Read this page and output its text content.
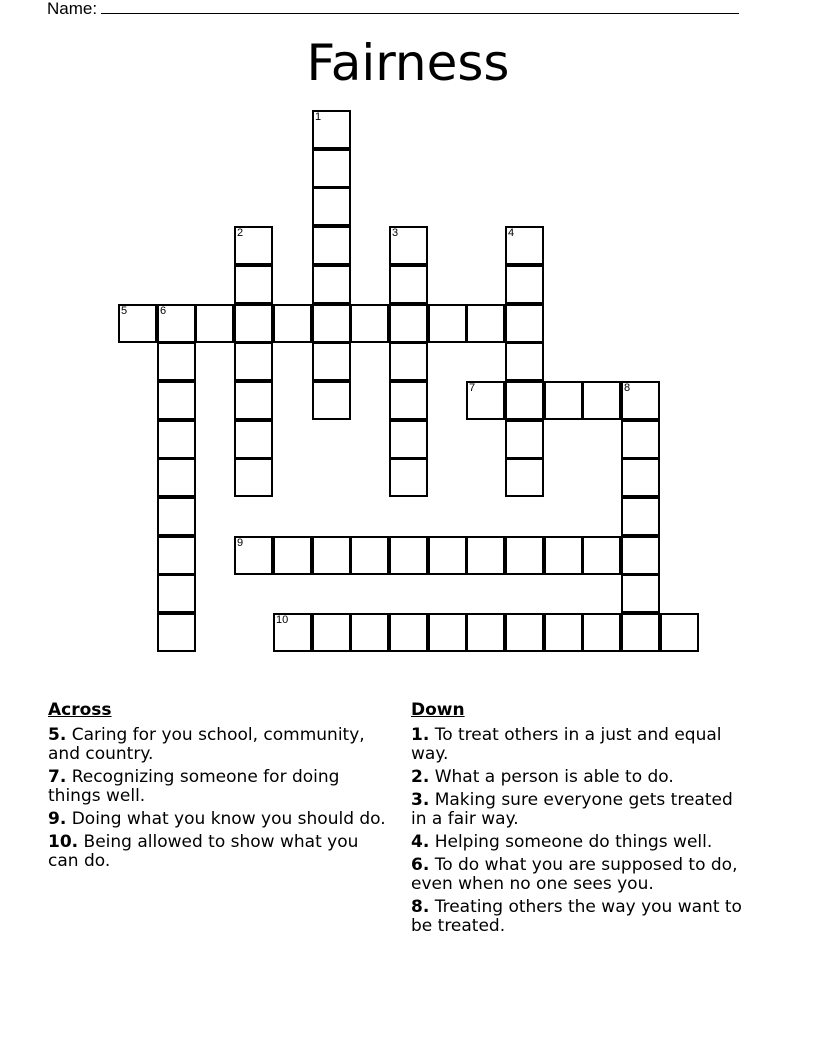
Name:
Fairness
1
2	3	4
5	6
7	8
9
10
Across
5. Caring for you school, community, and country.
7. Recognizing someone for doing things well.
9. Doing what you know you should do.
10. Being allowed to show what you can do.
Down
1. To treat others in a just and equal way.
2. What a person is able to do.
3. Making sure everyone gets treated in a fair way.
4. Helping someone do things well.
6. To do what you are supposed to do, even when no one sees you.
8. Treating others the way you want to be treated.
